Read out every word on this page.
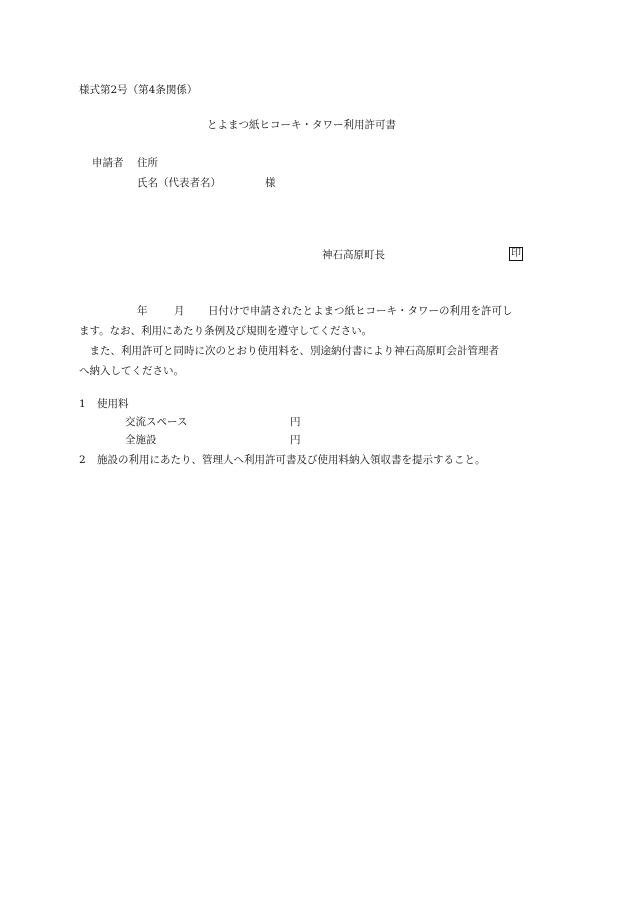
様式第2号（第4条関係）
とよまつ紙ヒコーキ・タワー利用許可書
申請者 住所
氏名（代表者名）	様
神石高原町長	印
年	月 日付けで申請されたとよまつ紙ヒコーキ・タワーの利用を許可し

ます。なお、利用にあたり条例及び規則を遵守してください。

　また、利用許可と同時に次のとおり使用料を、別途納付書により神石高原町会計管理者

へ納入してください。

1 使用料
交流スペース	円
全施設	円
2 施設の利用にあたり、管理人へ利用許可書及び使用料納入領収書を提示すること。
